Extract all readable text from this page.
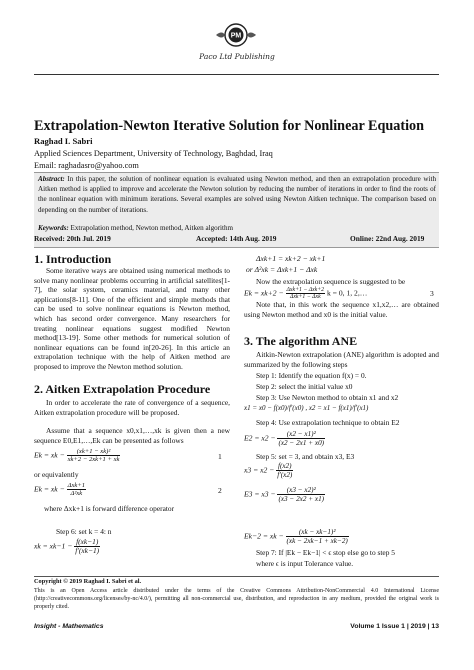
PM
Paco Ltd Publishing
Extrapolation-Newton Iterative Solution for Nonlinear Equation
Raghad I. Sabri
Applied Sciences Department, University of Technology, Baghdad, Iraq
Email: raghadasro@yahoo.com
Abstract: In this paper, the solution of nonlinear equation is evaluated using Newton method, and then an extrapolation procedure with Aitken method is applied to improve and accelerate the Newton solution by reducing the number of iterations in order to find the roots of the nonlinear equation with minimum iterations. Several examples are solved using Newton Aitken technique. The comparison based on depending on the number of iterations.
Keywords: Extrapolation method, Newton method, Aitken algorithm
Received: 20th Jul. 2019	Accepted: 14th Aug. 2019	Online: 22nd Aug. 2019
1. Introduction
Some iterative ways are obtained using numerical methods to solve many nonlinear problems occurring in artificial satellites[1-7], the solar system, ceramics material, and many other applications[8-11]. One of the efficient and simple methods that can be used to solve nonlinear equations is Newton method, which has second order convergence. Many researchers for treating nonlinear equations suggest modified Newton method[13-19]. Some other methods for numerical solution of nonlinear equations can be found in[20-26]. In this article an extrapolation technique with the help of Aitken method are proposed to improve the Newton method solution.
2. Aitken Extrapolation Procedure
In order to accelerate the rate of convergence of a sequence, Aitken extrapolation procedure will be proposed.
Assume that a sequence x0,x1,…,xk is given then a new sequence E0,E1,…,Ek can be presented as follows
Ek = xk − $\frac{\text{(xk+1 − xk)²}}{xk+2 - 2xk+1 + xk}$	1
or equivalently
Ek = xk − $\frac{\text{Δxk+1}}{\text{Δ²xk}}$	2
where Δxk+1 is forward difference operator
Step 6: set k = 4: n
xk = $xk-1 - \frac{f(xk-1)}{f'(xk-1)}$
Δxk+1 = xk+2 − xk+1
or Δ²xk = Δxk+1 − Δxk
Now the extrapolation sequence is suggested to be
$Ek = xk+2 - \frac{\text{Δxk+1 − Δxk+2}}{\text{Δxk+1 − Δxk}}$ k = 0, 1, 2,…	3
Note that, in this work the sequence x1,x2,… are obtained using Newton method and x0 is the initial value.
3. The algorithm ANE
Aitkin-Newton extrapolation (ANE) algorithm is adopted and summarized by the following steps
Step 1: Identify the equation f(x) = 0.
Step 2: select the initial value x0
Step 3: Use Newton method to obtain x1 and x2
x1 = x0 − f(x0)/f′(x0) , x2 = x1 − f(x1)/f′(x1)
Step 4: Use extrapolation technique to obtain E2
$E2 = x2 - \frac{\text{(x2 − x1)²}}{(x2 - 2x1 + x0)}$
Step 5: set = 3, and obtain x3, E3
$x3 = x2 - \frac{f(x2)}{f'(x2)}$
$E3 = x3 - \frac{\text{(x3 − x2)²}}{(x3 - 2x2 + x1)}$
Ek−2 = xk − $\frac{\text{(xk − xk−1)²}}{(xk - 2xk-1 + xk-2)}$
Step 7: If |Ek − Ek−1| < ϵ stop else go to step 5
where ϵ is input Tolerance value.
Copyright © 2019 Raghad I. Sabri et al.
This is an Open Access article distributed under the terms of the Creative Commons Attribution-NonCommercial 4.0 International License (http://creativecommons.org/licenses/by-nc/4.0/), permitting all non-commercial use, distribution, and reproduction in any medium, provided the original work is properly cited.
Insight - Mathematics	Volume 1 Issue 1 | 2019 | 13
